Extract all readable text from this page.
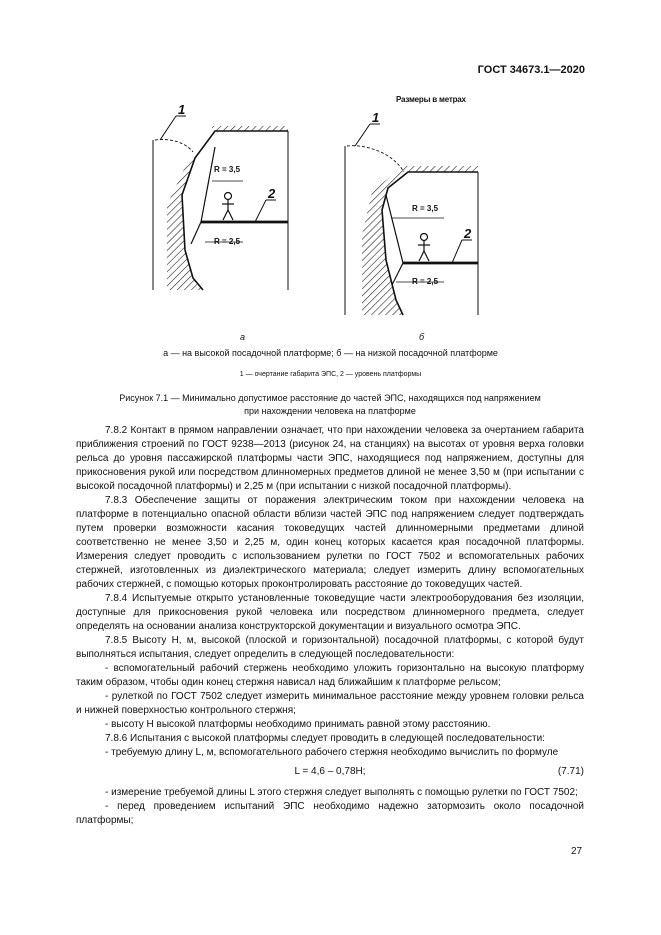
ГОСТ 34673.1—2020
Размеры в метрах
1
1
2
2
R = 3,5
R = 2,5
R = 3,5
R = 2,5
а	б
а — на высокой посадочной платформе; б — на низкой посадочной платформе
1 — очертание габарита ЭПС, 2 — уровень платформы
Рисунок 7.1 — Минимально допустимое расстояние до частей ЭПС, находящихся под напряжением
при нахождении человека на платформе

7.8.2 Контакт в прямом направлении означает, что при нахождении человека за очертанием габарита приближения строений по ГОСТ 9238—2013 (рисунок 24, на станциях) на высотах от уровня верха головки рельса до уровня пассажирской платформы части ЭПС, находящиеся под напряжением, доступны для прикосновения рукой или посредством длинномерных предметов длиной не менее 3,50 м (при испытании с высокой посадочной платформы) и 2,25 м (при испытании с низкой посадочной платформы).

7.8.3 Обеспечение защиты от поражения электрическим током при нахождении человека на платформе в потенциально опасной области вблизи частей ЭПС под напряжением следует подтверждать путем проверки возможности касания токоведущих частей длинномерными предметами длиной соответственно не менее 3,50 и 2,25 м, один конец которых касается края посадочной платформы. Измерения следует проводить с использованием рулетки по ГОСТ 7502 и вспомогательных рабочих стержней, изготовленных из диэлектрического материала; следует измерить длину вспомогательных рабочих стержней, с помощью которых проконтролировать расстояние до токоведущих частей.

7.8.4 Испытуемые открыто установленные токоведущие части электрооборудования без изоляции, доступные для прикосновения рукой человека или посредством длинномерного предмета, следует определять на основании анализа конструкторской документации и визуального осмотра ЭПС.

7.8.5 Высоту H, м, высокой (плоской и горизонтальной) посадочной платформы, с которой будут выполняться испытания, следует определить в следующей последовательности:

- вспомогательный рабочий стержень необходимо уложить горизонтально на высокую платформу таким образом, чтобы один конец стержня нависал над ближайшим к платформе рельсом;

- рулеткой по ГОСТ 7502 следует измерить минимальное расстояние между уровнем головки рельса и нижней поверхностью контрольного стержня;

- высоту H высокой платформы необходимо принимать равной этому расстоянию.

7.8.6 Испытания с высокой платформы следует проводить в следующей последовательности:

- требуемую длину L, м, вспомогательного рабочего стержня необходимо вычислить по формуле

L = 4,6 – 0,78H;	(7.71)

- измерение требуемой длины L этого стержня следует выполнять с помощью рулетки по ГОСТ 7502;

- перед проведением испытаний ЭПС необходимо надежно затормозить около посадочной платформы;

27
